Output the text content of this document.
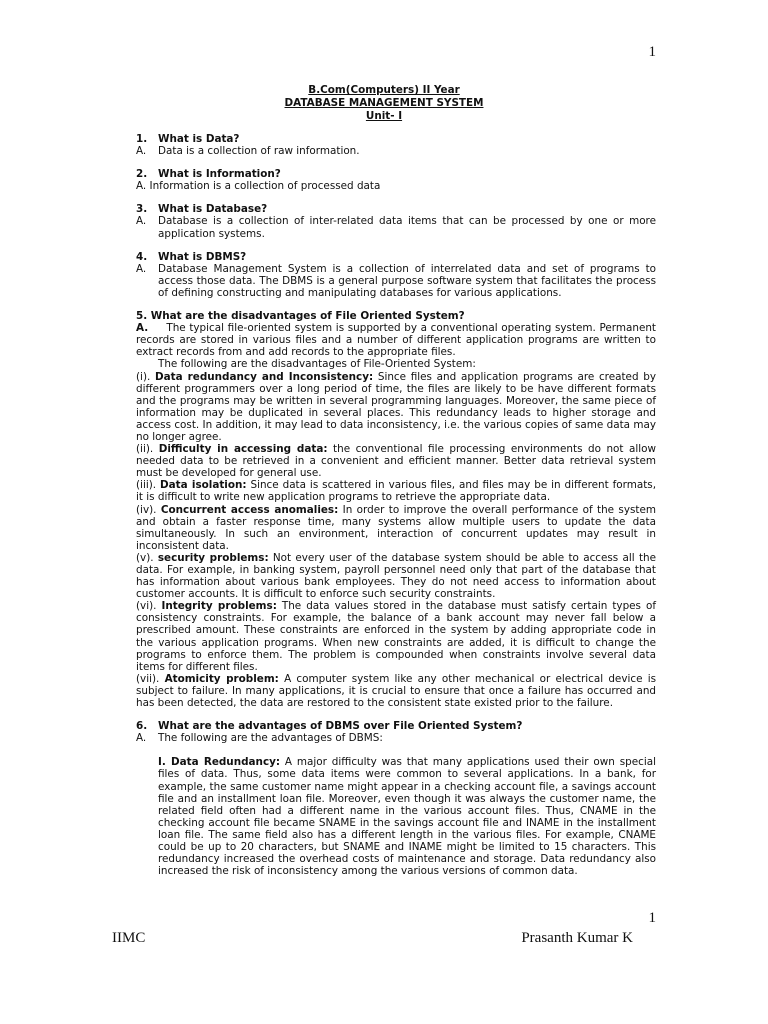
1
B.Com(Computers) II Year
DATABASE MANAGEMENT SYSTEM
Unit- I
1.	What is Data?
A.	Data is a collection of raw information.
2.	What is Information?
A. Information is a collection of processed data
3.	What is Database?
A.	Database is a collection of inter-related data items that can be processed by one or more application systems.
4.	What is DBMS?
A.	Database Management System is a collection of interrelated data and set of programs to access those data. The DBMS is a general purpose software system that facilitates the process of defining constructing and manipulating databases for various applications.
5. What are the disadvantages of File Oriented System?
A. The typical file-oriented system is supported by a conventional operating system. Permanent records are stored in various files and a number of different application programs are written to extract records from and add records to the appropriate files.
The following are the disadvantages of File-Oriented System:
(i). Data redundancy and Inconsistency: Since files and application programs are created by different programmers over a long period of time, the files are likely to be have different formats and the programs may be written in several programming languages. Moreover, the same piece of information may be duplicated in several places. This redundancy leads to higher storage and access cost. In addition, it may lead to data inconsistency, i.e. the various copies of same data may no longer agree.
(ii). Difficulty in accessing data: the conventional file processing environments do not allow needed data to be retrieved in a convenient and efficient manner. Better data retrieval system must be developed for general use.
(iii). Data isolation: Since data is scattered in various files, and files may be in different formats, it is difficult to write new application programs to retrieve the appropriate data.
(iv). Concurrent access anomalies: In order to improve the overall performance of the system and obtain a faster response time, many systems allow multiple users to update the data simultaneously. In such an environment, interaction of concurrent updates may result in inconsistent data.
(v). security problems: Not every user of the database system should be able to access all the data. For example, in banking system, payroll personnel need only that part of the database that has information about various bank employees. They do not need access to information about customer accounts. It is difficult to enforce such security constraints.
(vi). Integrity problems: The data values stored in the database must satisfy certain types of consistency constraints. For example, the balance of a bank account may never fall below a prescribed amount. These constraints are enforced in the system by adding appropriate code in the various application programs. When new constraints are added, it is difficult to change the programs to enforce them. The problem is compounded when constraints involve several data items for different files.
(vii). Atomicity problem: A computer system like any other mechanical or electrical device is subject to failure. In many applications, it is crucial to ensure that once a failure has occurred and has been detected, the data are restored to the consistent state existed prior to the failure.
6.	What are the advantages of DBMS over File Oriented System?
A.	The following are the advantages of DBMS:
I. Data Redundancy: A major difficulty was that many applications used their own special files of data. Thus, some data items were common to several applications. In a bank, for example, the same customer name might appear in a checking account file, a savings account file and an installment loan file. Moreover, even though it was always the customer name, the related field often had a different name in the various account files. Thus, CNAME in the checking account file became SNAME in the savings account file and INAME in the installment loan file. The same field also has a different length in the various files. For example, CNAME could be up to 20 characters, but SNAME and INAME might be limited to 15 characters. This redundancy increased the overhead costs of maintenance and storage. Data redundancy also increased the risk of inconsistency among the various versions of common data.
1
IIMC	Prasanth Kumar K
